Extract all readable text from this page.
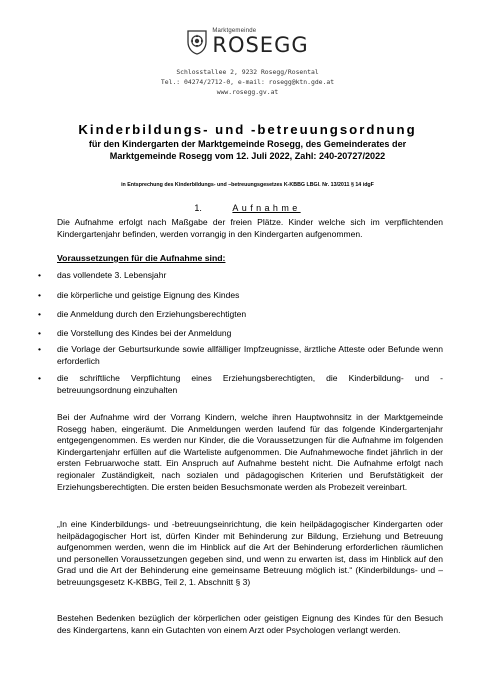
Marktgemeinde
ROSEGG
Schlosstallee 2, 9232 Rosegg/Rosental
Tel.: 04274/2712-0, e-mail: rosegg@ktn.gde.at
www.rosegg.gv.at
Kinderbildungs- und -betreuungsordnung
für den Kindergarten der Marktgemeinde Rosegg, des Gemeinderates der
Marktgemeinde Rosegg vom 12. Juli 2022, Zahl: 240-20727/2022
in Entsprechung des Kinderbildungs- und –betreuungsgesetzes K-KBBG LBGl. Nr. 13/2011 § 14 idgF
1.	Aufnahme

Die Aufnahme erfolgt nach Maßgabe der freien Plätze. Kinder welche sich im verpflichtenden Kindergartenjahr befinden, werden vorrangig in den Kindergarten aufgenommen.

Voraussetzungen für die Aufnahme sind:
•	das vollendete 3. Lebensjahr
•	die körperliche und geistige Eignung des Kindes
•	die Anmeldung durch den Erziehungsberechtigten
•	die Vorstellung des Kindes bei der Anmeldung
•	die Vorlage der Geburtsurkunde sowie allfälliger Impfzeugnisse, ärztliche Atteste oder Befunde wenn erforderlich
•	die schriftliche Verpflichtung eines Erziehungsberechtigten, die Kinderbildung- und - betreuungsordnung einzuhalten

Bei der Aufnahme wird der Vorrang Kindern, welche ihren Hauptwohnsitz in der Marktgemeinde Rosegg haben, eingeräumt. Die Anmeldungen werden laufend für das folgende Kindergartenjahr entgegengenommen. Es werden nur Kinder, die die Voraussetzungen für die Aufnahme im folgenden Kindergartenjahr erfüllen auf die Warteliste aufgenommen. Die Aufnahmewoche findet jährlich in der ersten Februarwoche statt. Ein Anspruch auf Aufnahme besteht nicht. Die Aufnahme erfolgt nach regionaler Zuständigkeit, nach sozialen und pädagogischen Kriterien und Berufstätigkeit der Erziehungsberechtigten. Die ersten beiden Besuchsmonate werden als Probezeit vereinbart.

„In eine Kinderbildungs- und -betreuungseinrichtung, die kein heilpädagogischer Kindergarten oder heilpädagogischer Hort ist, dürfen Kinder mit Behinderung zur Bildung, Erziehung und Betreuung aufgenommen werden, wenn die im Hinblick auf die Art der Behinderung erforderlichen räumlichen und personellen Voraussetzungen gegeben sind, und wenn zu erwarten ist, dass im Hinblick auf den Grad und die Art der Behinderung eine gemeinsame Betreuung möglich ist.“ (Kinderbildungs- und –betreuungsgesetz K-KBBG, Teil 2, 1. Abschnitt § 3)

Bestehen Bedenken bezüglich der körperlichen oder geistigen Eignung des Kindes für den Besuch des Kindergartens, kann ein Gutachten von einem Arzt oder Psychologen verlangt werden.
